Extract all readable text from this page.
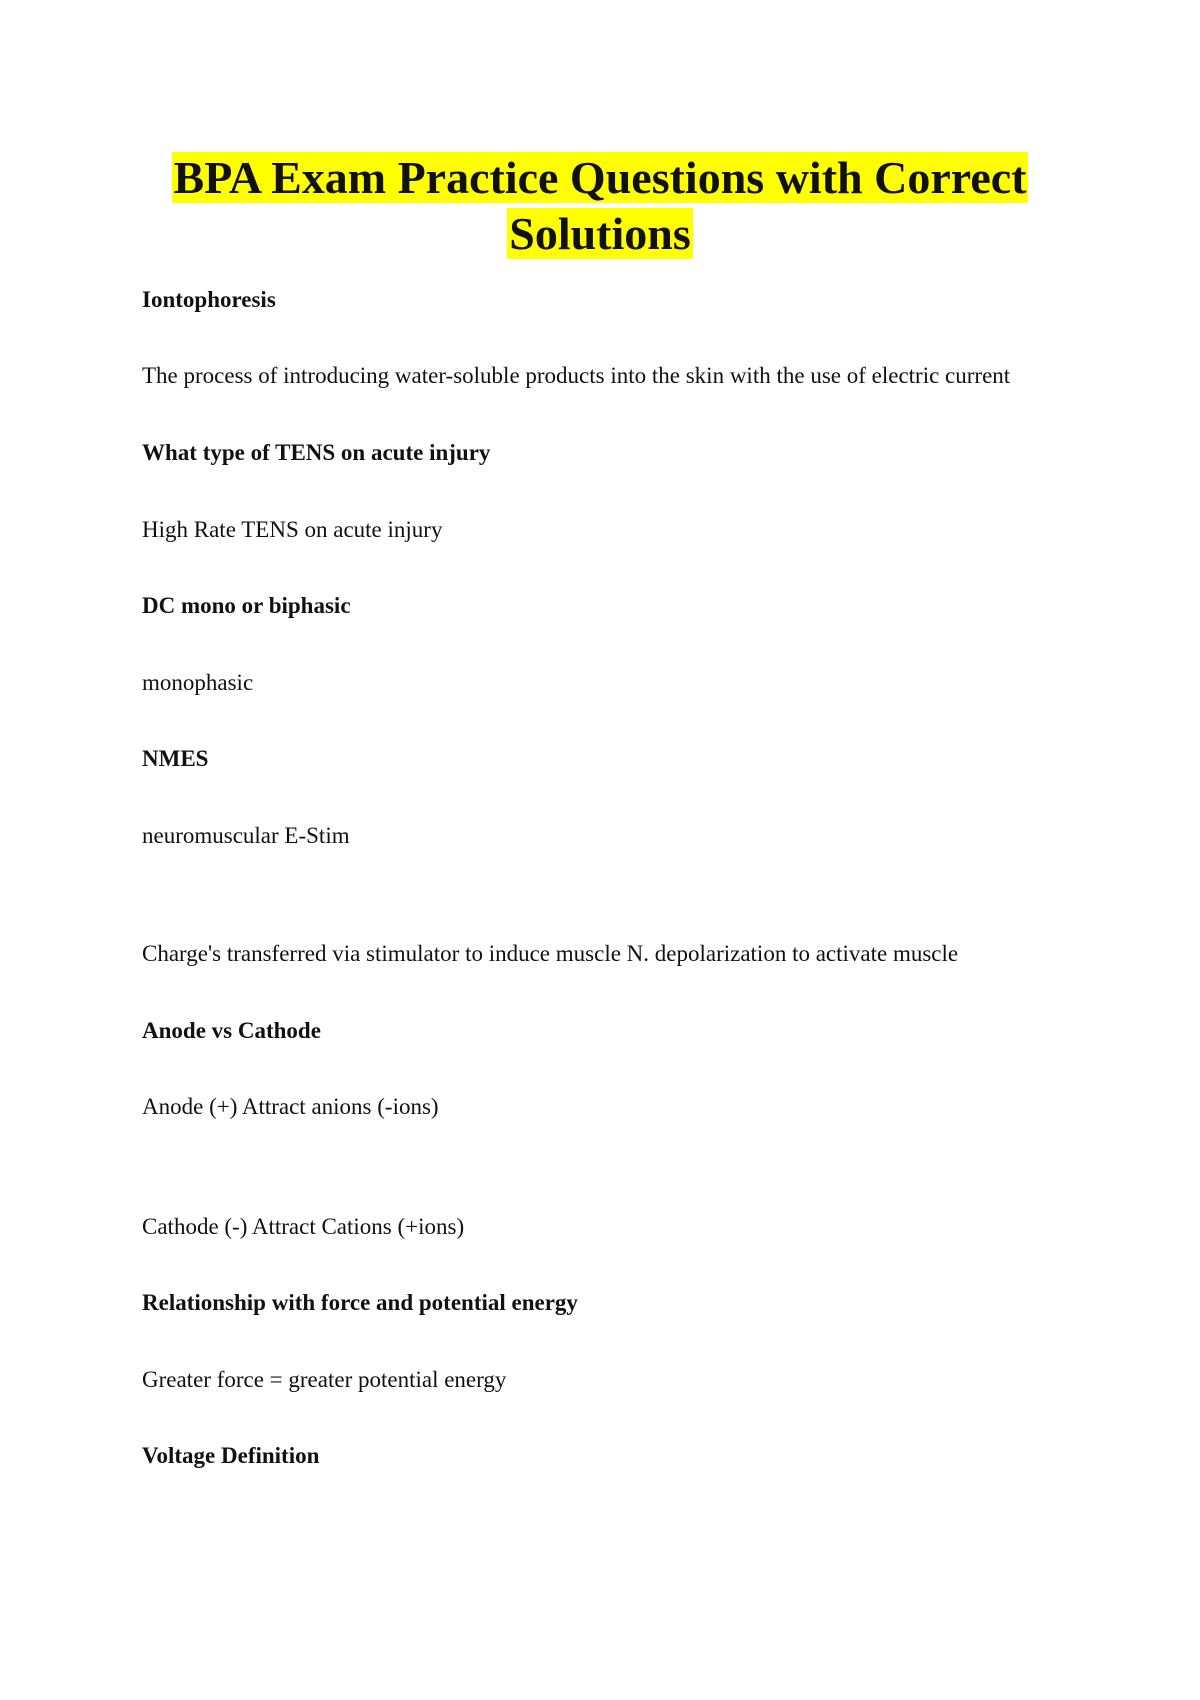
BPA Exam Practice Questions with Correct
Solutions

Iontophoresis

The process of introducing water-soluble products into the skin with the use of electric current

What type of TENS on acute injury

High Rate TENS on acute injury

DC mono or biphasic

monophasic

NMES

neuromuscular E-Stim

Charge's transferred via stimulator to induce muscle N. depolarization to activate muscle

Anode vs Cathode

Anode (+) Attract anions (-ions)

Cathode (-) Attract Cations (+ions)

Relationship with force and potential energy

Greater force = greater potential energy

Voltage Definition
